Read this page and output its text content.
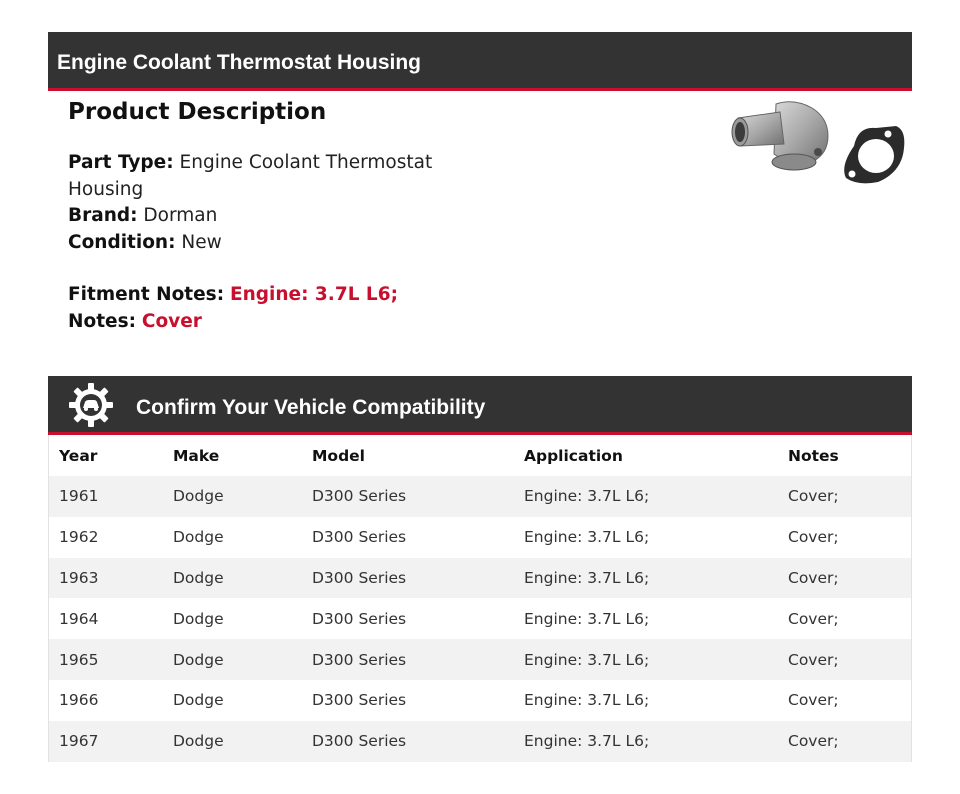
Engine Coolant Thermostat Housing
Product Description

Part Type: Engine Coolant Thermostat Housing

Brand: Dorman

Condition: New

Fitment Notes: Engine: 3.7L L6;

Notes: Cover

Confirm Your Vehicle Compatibility
Year	Make	Model	Application	Notes
1961	Dodge	D300 Series	Engine: 3.7L L6;	Cover;
1962	Dodge	D300 Series	Engine: 3.7L L6;	Cover;
1963	Dodge	D300 Series	Engine: 3.7L L6;	Cover;
1964	Dodge	D300 Series	Engine: 3.7L L6;	Cover;
1965	Dodge	D300 Series	Engine: 3.7L L6;	Cover;
1966	Dodge	D300 Series	Engine: 3.7L L6;	Cover;
1967	Dodge	D300 Series	Engine: 3.7L L6;	Cover;
